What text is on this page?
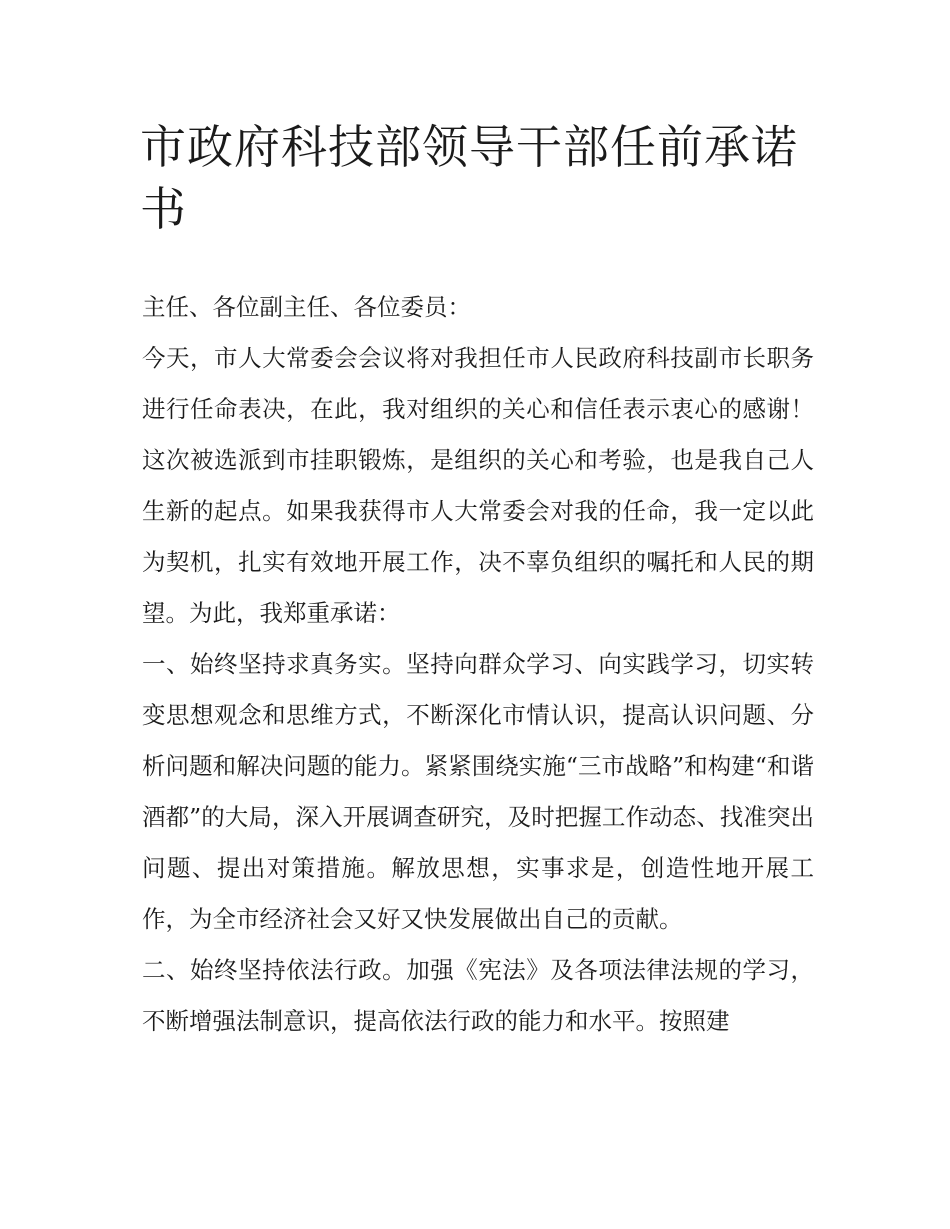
市政府科技部领导干部任前承诺书

主任、各位副主任、各位委员：

今天，市人大常委会会议将对我担任市人民政府科技副市长职务进行任命表决，在此，我对组织的关心和信任表示衷心的感谢！这次被选派到市挂职锻炼，是组织的关心和考验，也是我自己人生新的起点。如果我获得市人大常委会对我的任命，我一定以此为契机，扎实有效地开展工作，决不辜负组织的嘱托和人民的期望。为此，我郑重承诺：

一、始终坚持求真务实。坚持向群众学习、向实践学习，切实转变思想观念和思维方式，不断深化市情认识，提高认识问题、分析问题和解决问题的能力。紧紧围绕实施“三市战略”和构建“和谐酒都”的大局，深入开展调查研究，及时把握工作动态、找准突出问题、提出对策措施。解放思想，实事求是，创造性地开展工作，为全市经济社会又好又快发展做出自己的贡献。

二、始终坚持依法行政。加强《宪法》及各项法律法规的学习，不断增强法制意识，提高依法行政的能力和水平。按照建
